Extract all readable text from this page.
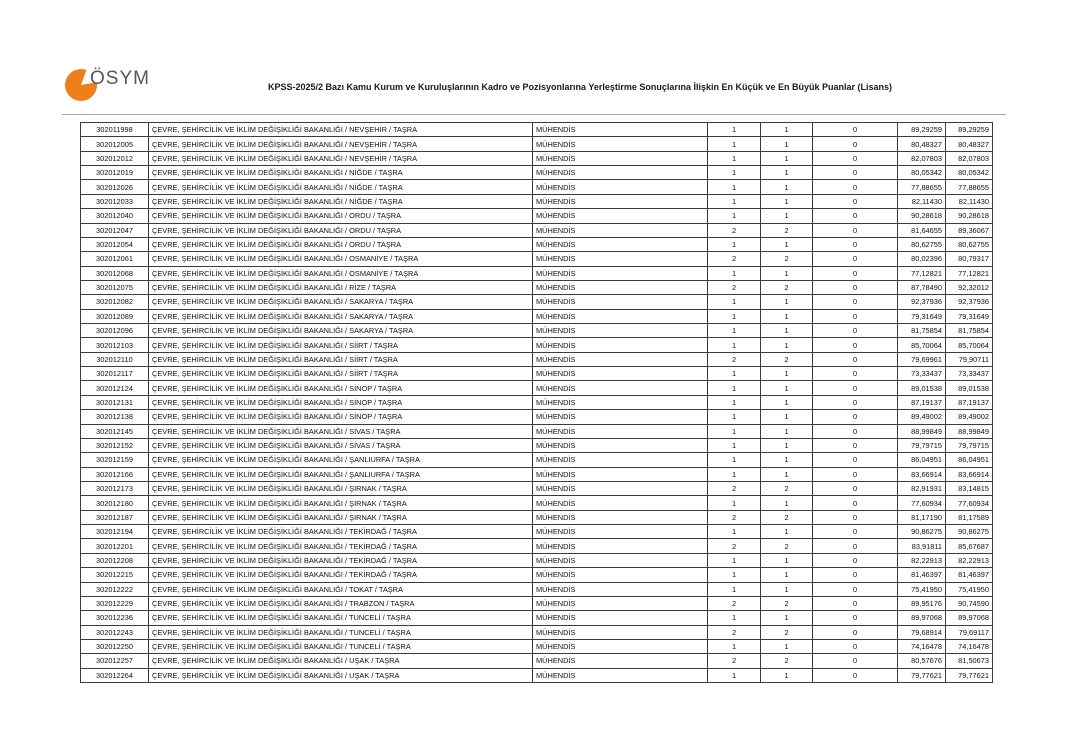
ÖSYM	KPSS-2025/2 Bazı Kamu Kurum ve Kuruluşlarının Kadro ve Pozisyonlarına Yerleştirme Sonuçlarına İlişkin En Küçük ve En Büyük Puanlar (Lisans)
302011998	ÇEVRE, ŞEHİRCİLİK VE İKLİM DEĞİŞİKLİĞİ BAKANLIĞI / NEVŞEHİR / TAŞRA	MÜHENDİS	1	1	0	89,29259	89,29259
302012005	ÇEVRE, ŞEHİRCİLİK VE İKLİM DEĞİŞİKLİĞİ BAKANLIĞI / NEVŞEHİR / TAŞRA	MÜHENDİS	1	1	0	80,48327	80,48327
302012012	ÇEVRE, ŞEHİRCİLİK VE İKLİM DEĞİŞİKLİĞİ BAKANLIĞI / NEVŞEHİR / TAŞRA	MÜHENDİS	1	1	0	82,07803	82,07803
302012019	ÇEVRE, ŞEHİRCİLİK VE İKLİM DEĞİŞİKLİĞİ BAKANLIĞI / NİĞDE / TAŞRA	MÜHENDİS	1	1	0	80,05342	80,05342
302012026	ÇEVRE, ŞEHİRCİLİK VE İKLİM DEĞİŞİKLİĞİ BAKANLIĞI / NİĞDE / TAŞRA	MÜHENDİS	1	1	0	77,88655	77,88655
302012033	ÇEVRE, ŞEHİRCİLİK VE İKLİM DEĞİŞİKLİĞİ BAKANLIĞI / NİĞDE / TAŞRA	MÜHENDİS	1	1	0	82,11430	82,11430
302012040	ÇEVRE, ŞEHİRCİLİK VE İKLİM DEĞİŞİKLİĞİ BAKANLIĞI / ORDU / TAŞRA	MÜHENDİS	1	1	0	90,28618	90,28618
302012047	ÇEVRE, ŞEHİRCİLİK VE İKLİM DEĞİŞİKLİĞİ BAKANLIĞI / ORDU / TAŞRA	MÜHENDİS	2	2	0	81,64655	89,36067
302012054	ÇEVRE, ŞEHİRCİLİK VE İKLİM DEĞİŞİKLİĞİ BAKANLIĞI / ORDU / TAŞRA	MÜHENDİS	1	1	0	80,62755	80,62755
302012061	ÇEVRE, ŞEHİRCİLİK VE İKLİM DEĞİŞİKLİĞİ BAKANLIĞI / OSMANİYE / TAŞRA	MÜHENDİS	2	2	0	80,02396	80,79317
302012068	ÇEVRE, ŞEHİRCİLİK VE İKLİM DEĞİŞİKLİĞİ BAKANLIĞI / OSMANİYE / TAŞRA	MÜHENDİS	1	1	0	77,12821	77,12821
302012075	ÇEVRE, ŞEHİRCİLİK VE İKLİM DEĞİŞİKLİĞİ BAKANLIĞI / RİZE / TAŞRA	MÜHENDİS	2	2	0	87,78490	92,32012
302012082	ÇEVRE, ŞEHİRCİLİK VE İKLİM DEĞİŞİKLİĞİ BAKANLIĞI / SAKARYA / TAŞRA	MÜHENDİS	1	1	0	92,37936	92,37936
302012089	ÇEVRE, ŞEHİRCİLİK VE İKLİM DEĞİŞİKLİĞİ BAKANLIĞI / SAKARYA / TAŞRA	MÜHENDİS	1	1	0	79,31649	79,31649
302012096	ÇEVRE, ŞEHİRCİLİK VE İKLİM DEĞİŞİKLİĞİ BAKANLIĞI / SAKARYA / TAŞRA	MÜHENDİS	1	1	0	81,75854	81,75854
302012103	ÇEVRE, ŞEHİRCİLİK VE İKLİM DEĞİŞİKLİĞİ BAKANLIĞI / SİİRT / TAŞRA	MÜHENDİS	1	1	0	85,70064	85,70064
302012110	ÇEVRE, ŞEHİRCİLİK VE İKLİM DEĞİŞİKLİĞİ BAKANLIĞI / SİİRT / TAŞRA	MÜHENDİS	2	2	0	79,69961	79,90711
302012117	ÇEVRE, ŞEHİRCİLİK VE İKLİM DEĞİŞİKLİĞİ BAKANLIĞI / SİİRT / TAŞRA	MÜHENDİS	1	1	0	73,33437	73,33437
302012124	ÇEVRE, ŞEHİRCİLİK VE İKLİM DEĞİŞİKLİĞİ BAKANLIĞI / SİNOP / TAŞRA	MÜHENDİS	1	1	0	89,01538	89,01538
302012131	ÇEVRE, ŞEHİRCİLİK VE İKLİM DEĞİŞİKLİĞİ BAKANLIĞI / SİNOP / TAŞRA	MÜHENDİS	1	1	0	87,19137	87,19137
302012138	ÇEVRE, ŞEHİRCİLİK VE İKLİM DEĞİŞİKLİĞİ BAKANLIĞI / SİNOP / TAŞRA	MÜHENDİS	1	1	0	89,49002	89,49002
302012145	ÇEVRE, ŞEHİRCİLİK VE İKLİM DEĞİŞİKLİĞİ BAKANLIĞI / SİVAS / TAŞRA	MÜHENDİS	1	1	0	88,99849	88,99849
302012152	ÇEVRE, ŞEHİRCİLİK VE İKLİM DEĞİŞİKLİĞİ BAKANLIĞI / SİVAS / TAŞRA	MÜHENDİS	1	1	0	79,79715	79,79715
302012159	ÇEVRE, ŞEHİRCİLİK VE İKLİM DEĞİŞİKLİĞİ BAKANLIĞI / ŞANLIURFA / TAŞRA	MÜHENDİS	1	1	0	86,04951	86,04951
302012166	ÇEVRE, ŞEHİRCİLİK VE İKLİM DEĞİŞİKLİĞİ BAKANLIĞI / ŞANLIURFA / TAŞRA	MÜHENDİS	1	1	0	83,66914	83,66914
302012173	ÇEVRE, ŞEHİRCİLİK VE İKLİM DEĞİŞİKLİĞİ BAKANLIĞI / ŞIRNAK / TAŞRA	MÜHENDİS	2	2	0	82,91931	83,14815
302012180	ÇEVRE, ŞEHİRCİLİK VE İKLİM DEĞİŞİKLİĞİ BAKANLIĞI / ŞIRNAK / TAŞRA	MÜHENDİS	1	1	0	77,60934	77,60934
302012187	ÇEVRE, ŞEHİRCİLİK VE İKLİM DEĞİŞİKLİĞİ BAKANLIĞI / ŞIRNAK / TAŞRA	MÜHENDİS	2	2	0	81,17190	81,17589
302012194	ÇEVRE, ŞEHİRCİLİK VE İKLİM DEĞİŞİKLİĞİ BAKANLIĞI / TEKİRDAĞ / TAŞRA	MÜHENDİS	1	1	0	90,86275	90,86275
302012201	ÇEVRE, ŞEHİRCİLİK VE İKLİM DEĞİŞİKLİĞİ BAKANLIĞI / TEKİRDAĞ / TAŞRA	MÜHENDİS	2	2	0	83,91811	85,67687
302012208	ÇEVRE, ŞEHİRCİLİK VE İKLİM DEĞİŞİKLİĞİ BAKANLIĞI / TEKİRDAĞ / TAŞRA	MÜHENDİS	1	1	0	82,22913	82,22913
302012215	ÇEVRE, ŞEHİRCİLİK VE İKLİM DEĞİŞİKLİĞİ BAKANLIĞI / TEKİRDAĞ / TAŞRA	MÜHENDİS	1	1	0	81,46397	81,46397
302012222	ÇEVRE, ŞEHİRCİLİK VE İKLİM DEĞİŞİKLİĞİ BAKANLIĞI / TOKAT / TAŞRA	MÜHENDİS	1	1	0	75,41950	75,41950
302012229	ÇEVRE, ŞEHİRCİLİK VE İKLİM DEĞİŞİKLİĞİ BAKANLIĞI / TRABZON / TAŞRA	MÜHENDİS	2	2	0	89,95176	90,74590
302012236	ÇEVRE, ŞEHİRCİLİK VE İKLİM DEĞİŞİKLİĞİ BAKANLIĞI / TUNCELİ / TAŞRA	MÜHENDİS	1	1	0	89,97068	89,97068
302012243	ÇEVRE, ŞEHİRCİLİK VE İKLİM DEĞİŞİKLİĞİ BAKANLIĞI / TUNCELİ / TAŞRA	MÜHENDİS	2	2	0	79,68914	79,69117
302012250	ÇEVRE, ŞEHİRCİLİK VE İKLİM DEĞİŞİKLİĞİ BAKANLIĞI / TUNCELİ / TAŞRA	MÜHENDİS	1	1	0	74,16478	74,16478
302012257	ÇEVRE, ŞEHİRCİLİK VE İKLİM DEĞİŞİKLİĞİ BAKANLIĞI / UŞAK / TAŞRA	MÜHENDİS	2	2	0	80,57676	81,50673
302012264	ÇEVRE, ŞEHİRCİLİK VE İKLİM DEĞİŞİKLİĞİ BAKANLIĞI / UŞAK / TAŞRA	MÜHENDİS	1	1	0	79,77621	79,77621
